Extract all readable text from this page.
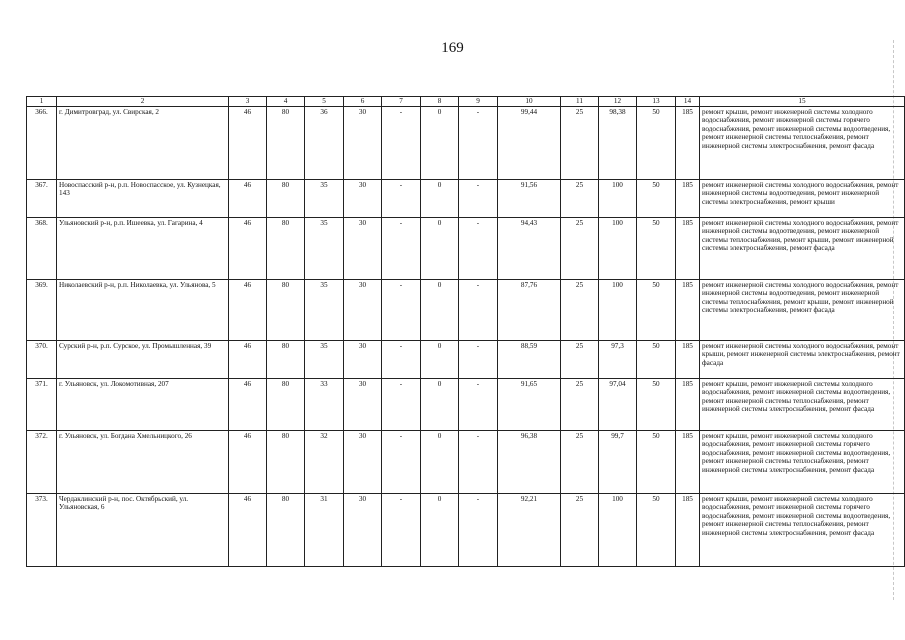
169
1	2	3	4	5	6	7	8	9	10	11	12	13	14	15
366.	г. Димитровград, ул. Свирская, 2	46	80	36	30	-	0	-	99,44	25	98,38	50	185	ремонт крыши, ремонт инженерной системы холодного водоснабжения, ремонт инженерной системы горячего водоснабжения, ремонт инженерной системы водоотведения, ремонт инженерной системы теплоснабжения, ремонт инженерной системы электроснабжения, ремонт фасада
367.	Новоспасский р-н, р.п. Новоспасское, ул. Кузнецкая, 143	46	80	35	30	-	0	-	91,56	25	100	50	185	ремонт инженерной системы холодного водоснабжения, ремонт инженерной системы водоотведения, ремонт инженерной системы электроснабжения, ремонт крыши
368.	Ульяновский р-н, р.п. Ишеевка, ул. Гагарина, 4	46	80	35	30	-	0	-	94,43	25	100	50	185	ремонт инженерной системы холодного водоснабжения, ремонт инженерной системы водоотведения, ремонт инженерной системы теплоснабжения, ремонт крыши, ремонт инженерной системы электроснабжения, ремонт фасада
369.	Николаевский р-н, р.п. Николаевка, ул. Ульянова, 5	46	80	35	30	-	0	-	87,76	25	100	50	185	ремонт инженерной системы холодного водоснабжения, ремонт инженерной системы водоотведения, ремонт инженерной системы теплоснабжения, ремонт крыши, ремонт инженерной системы электроснабжения, ремонт фасада
370.	Сурский р-н, р.п. Сурское, ул. Промышленная, 39	46	80	35	30	-	0	-	88,59	25	97,3	50	185	ремонт инженерной системы холодного водоснабжения, ремонт крыши, ремонт инженерной системы электроснабжения, ремонт фасада
371.	г. Ульяновск, ул. Локомотивная, 207	46	80	33	30	-	0	-	91,65	25	97,04	50	185	ремонт крыши, ремонт инженерной системы холодного водоснабжения, ремонт инженерной системы водоотведения, ремонт инженерной системы теплоснабжения, ремонт инженерной системы электроснабжения, ремонт фасада
372.	г. Ульяновск, ул. Богдана Хмельницкого, 26	46	80	32	30	-	0	-	96,38	25	99,7	50	185	ремонт крыши, ремонт инженерной системы холодного водоснабжения, ремонт инженерной системы горячего водоснабжения, ремонт инженерной системы водоотведения, ремонт инженерной системы теплоснабжения, ремонт инженерной системы электроснабжения, ремонт фасада
373.	Чердаклинский р-н, пос. Октябрьский, ул. Ульяновская, 6	46	80	31	30	-	0	-	92,21	25	100	50	185	ремонт крыши, ремонт инженерной системы холодного водоснабжения, ремонт инженерной системы горячего водоснабжения, ремонт инженерной системы водоотведения, ремонт инженерной системы теплоснабжения, ремонт инженерной системы электроснабжения, ремонт фасада
